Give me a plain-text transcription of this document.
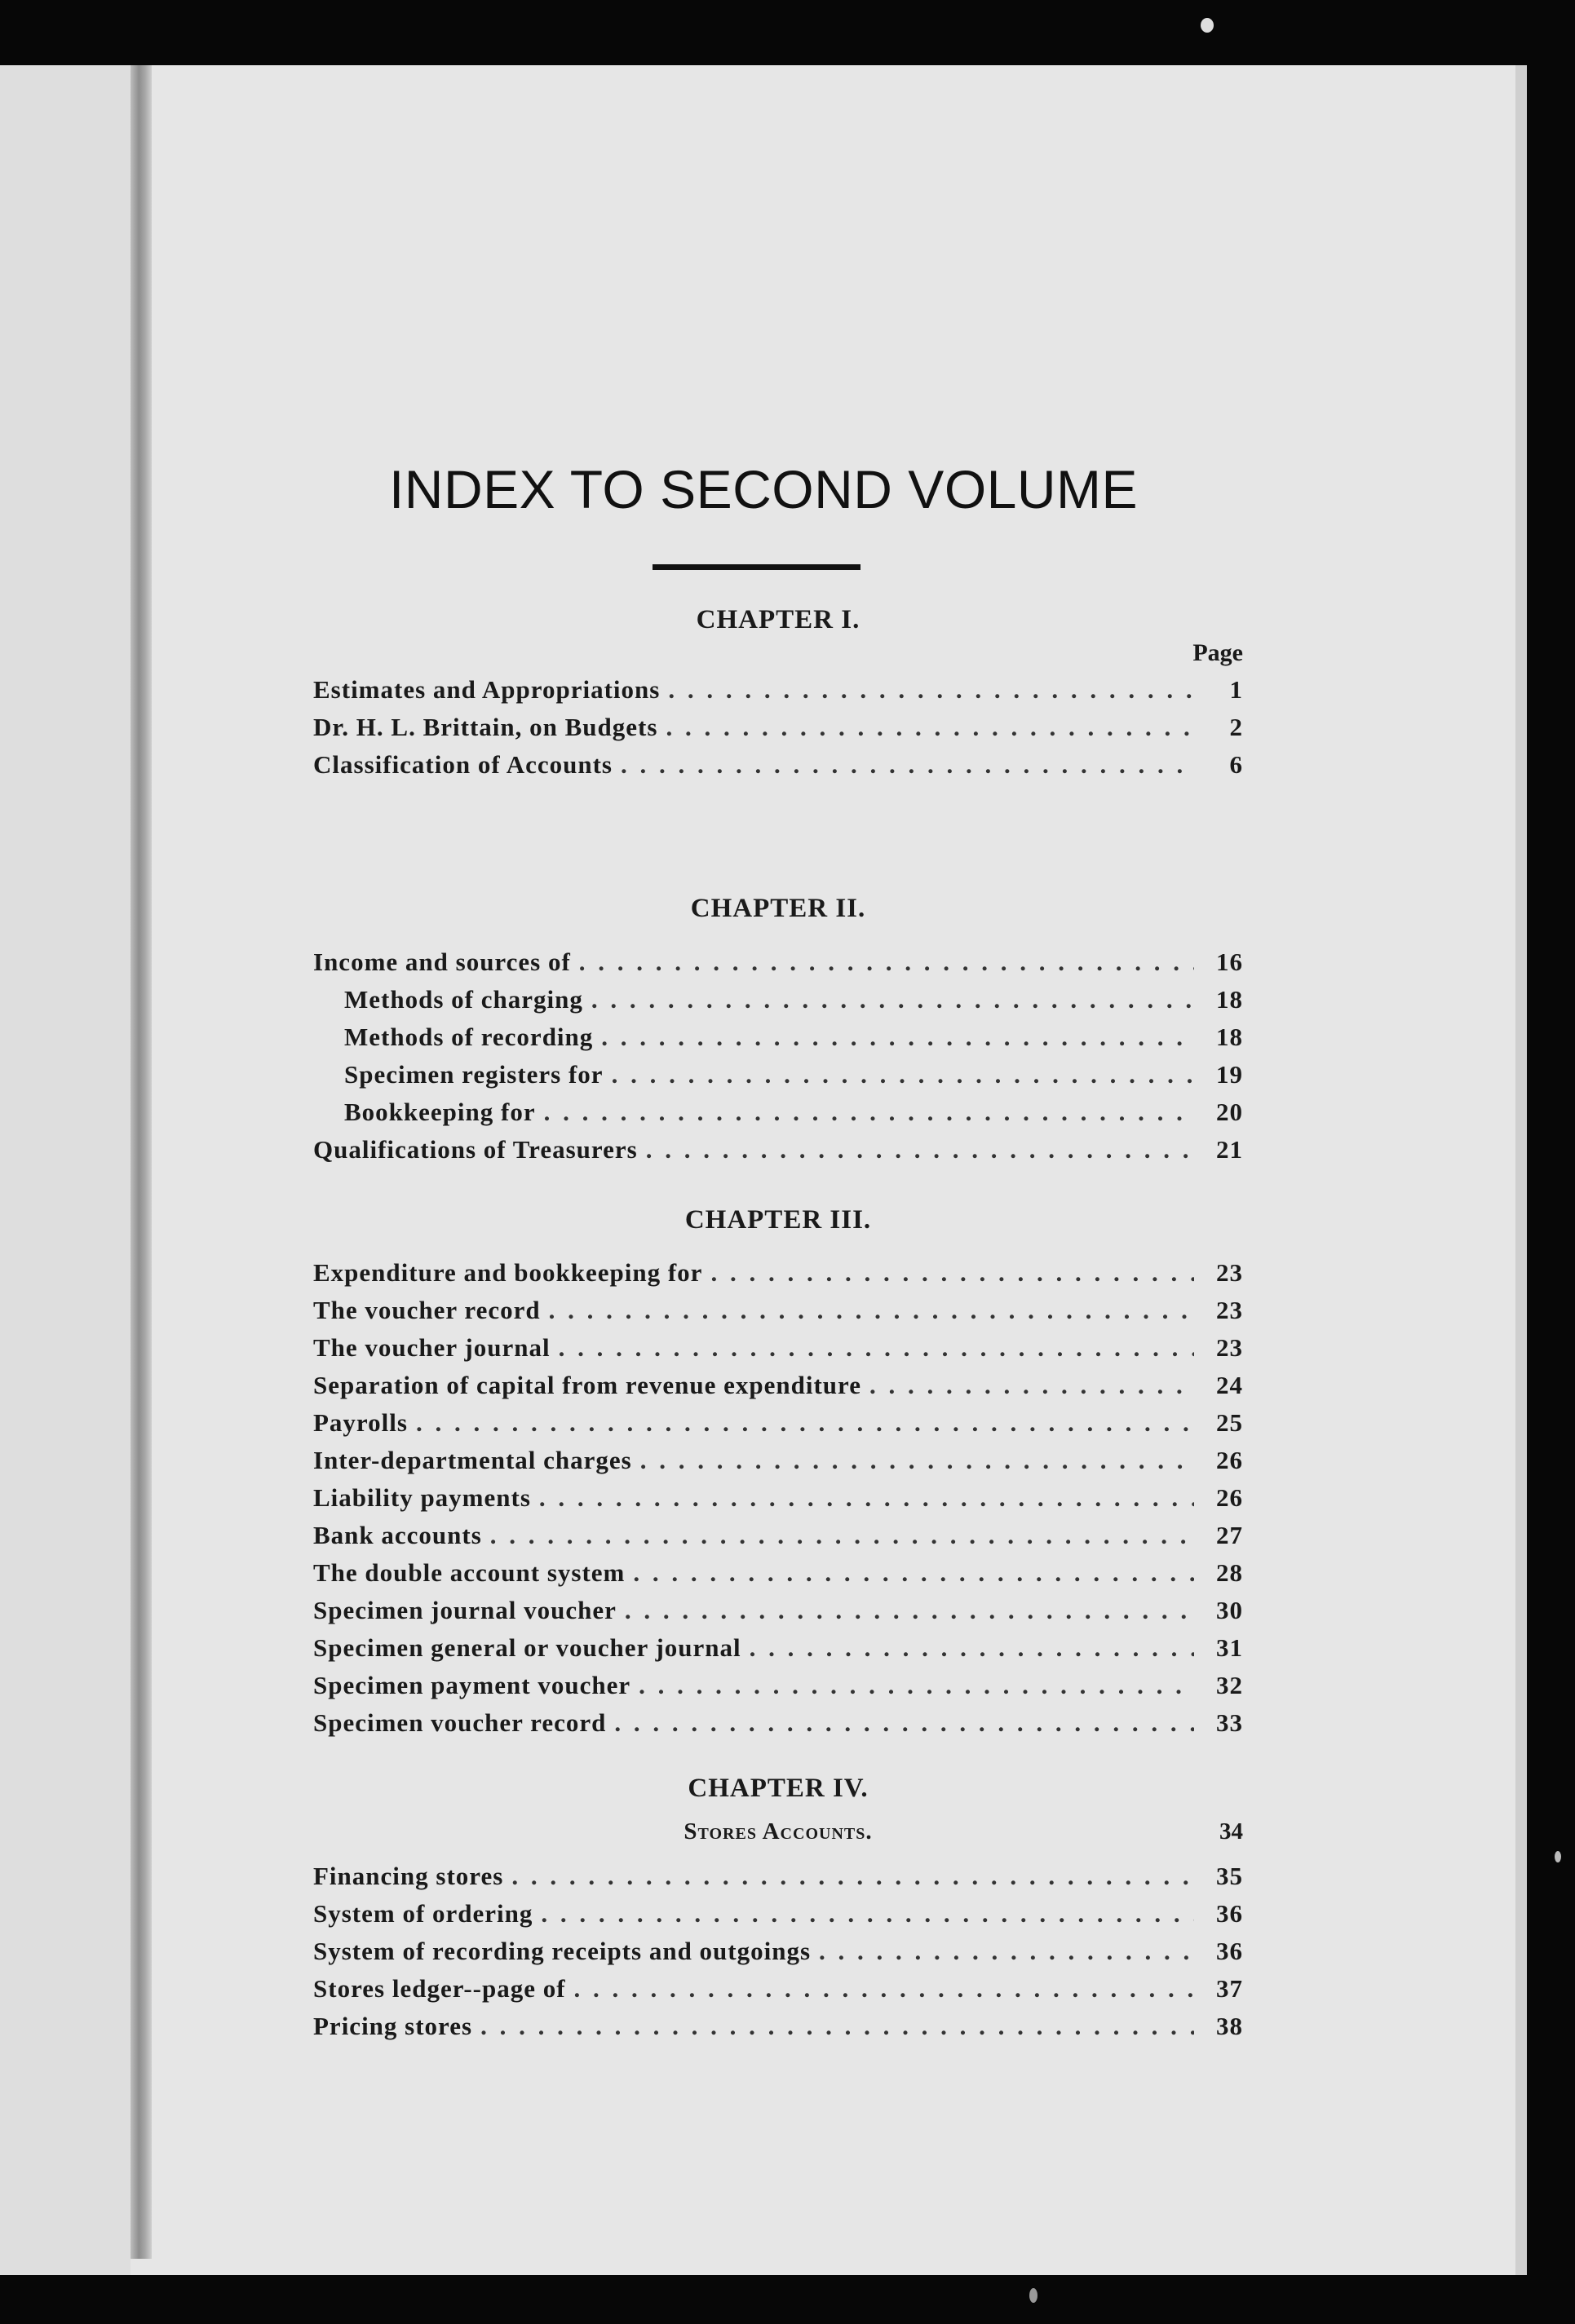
INDEX TO SECOND VOLUME
CHAPTER I.
Page
Estimates and Appropriations . . .	1
Dr. H. L. Brittain, on Budgets . . .	2
Classification of Accounts . . .	6
CHAPTER II.
Income and sources of . . .	16
Methods of charging . . .	18
Methods of recording . . .	18
Specimen registers for . . .	19
Bookkeeping for . . .	20
Qualifications of Treasurers . . .	21
CHAPTER III.
Expenditure and bookkeeping for . . .	23
The voucher record . . .	23
The voucher journal . . .	23
Separation of capital from revenue expenditure . . .	24
Payrolls . . .	25
Inter-departmental charges . . .	26
Liability payments . . .	26
Bank accounts . . .	27
The double account system . . .	28
Specimen journal voucher . . .	30
Specimen general or voucher journal . . .	31
Specimen payment voucher . . .	32
Specimen voucher record . . .	33
CHAPTER IV.
Stores Accounts.	34
Financing stores . . .	35
System of ordering . . .	36
System of recording receipts and outgoings . . .	36
Stores ledger--page of . . .	37
Pricing stores . . .	38
